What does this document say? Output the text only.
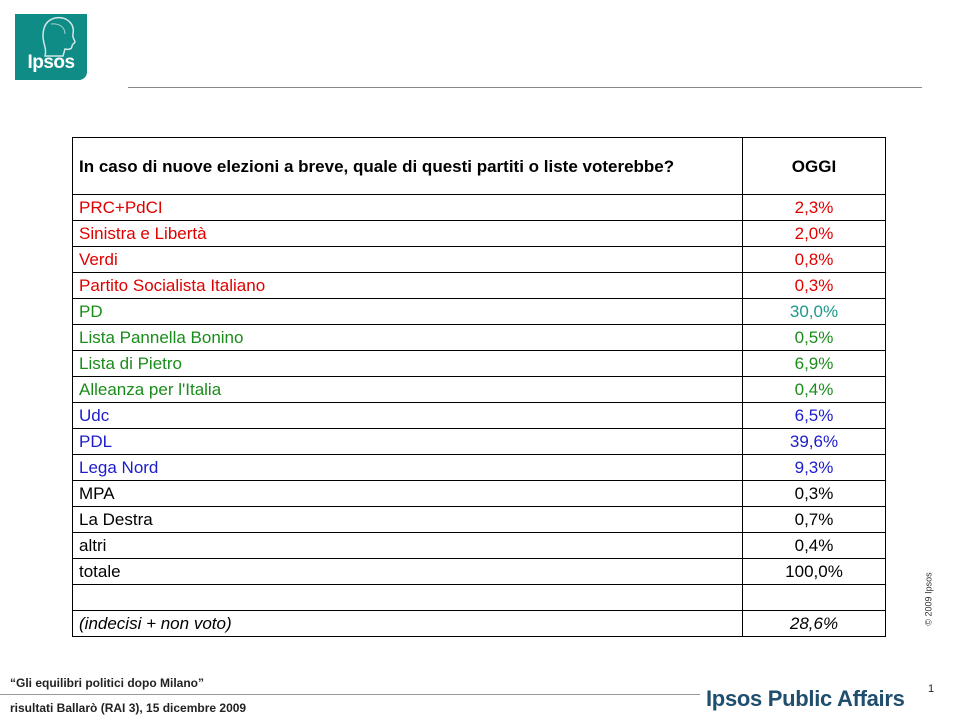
Ipsos
In caso di nuove elezioni a breve, quale di questi partiti o liste voterebbe?	OGGI
PRC+PdCI	2,3%
Sinistra e Libertà	2,0%
Verdi	0,8%
Partito Socialista Italiano	0,3%
PD	30,0%
Lista Pannella Bonino	0,5%
Lista di Pietro	6,9%
Alleanza per l'Italia	0,4%
Udc	6,5%
PDL	39,6%
Lega Nord	9,3%
MPA	0,3%
La Destra	0,7%
altri	0,4%
totale	100,0%

(indecisi + non voto)	28,6%	© 2009 Ipsos
“Gli equilibri politici dopo Milano”
risultati Ballarò (RAI 3), 15 dicembre 2009
1
Ipsos Public Affairs
